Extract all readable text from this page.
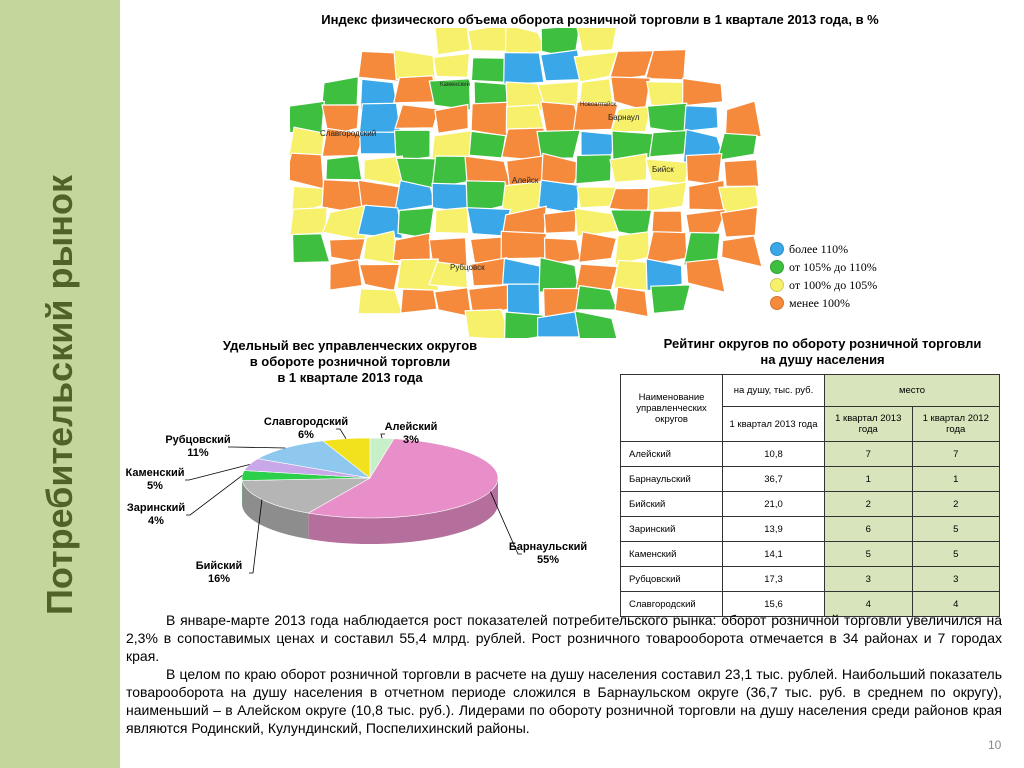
Потребительский рынок
Индекс физического объема оборота розничной торговли в 1 квартале 2013 года, в %
Славгородский
Каменский
Барнаул
Бийск
Рубцовск
Алейск
Новоалтайск
более 110%
от 105% до 110%
от 100% до 105%
менее 100%
Удельный вес управленческих округов
в обороте розничной торговли
в 1 квартале 2013 года
Алейский
3%
Барнаульский
55%
Бийский
16%
Заринский
4%
Каменский
5%
Рубцовский
11%
Славгородский
6%
Рейтинг округов по обороту розничной торговли
на душу населения
Наименование управленческих округов	на душу, тыс. руб.	место	
	1 квартал 2013 года	1 квартал 2013 года	1 квартал 2012 года
Алейский	10,8	7	7
Барнаульский	36,7	1	1
Бийский	21,0	2	2
Заринский	13,9	6	5
Каменский	14,1	5	5
Рубцовский	17,3	3	3
Славгородский	15,6	4	4

В январе-марте 2013 года наблюдается рост показателей потребительского рынка: оборот розничной торговли увеличился на 2,3% в сопоставимых ценах и составил 55,4 млрд. рублей. Рост розничного товарооборота отмечается в 34 районах и 7 городах края.

В целом по краю оборот розничной торговли в расчете на душу населения составил 23,1 тыс. рублей. Наибольший показатель товарооборота на душу населения в отчетном периоде сложился в Барнаульском округе (36,7 тыс. руб. в среднем по округу), наименьший – в Алейском округе (10,8 тыс. руб.). Лидерами по обороту розничной торговли на душу населения среди районов края являются Родинский, Кулундинский, Поспелихинский районы.

10
